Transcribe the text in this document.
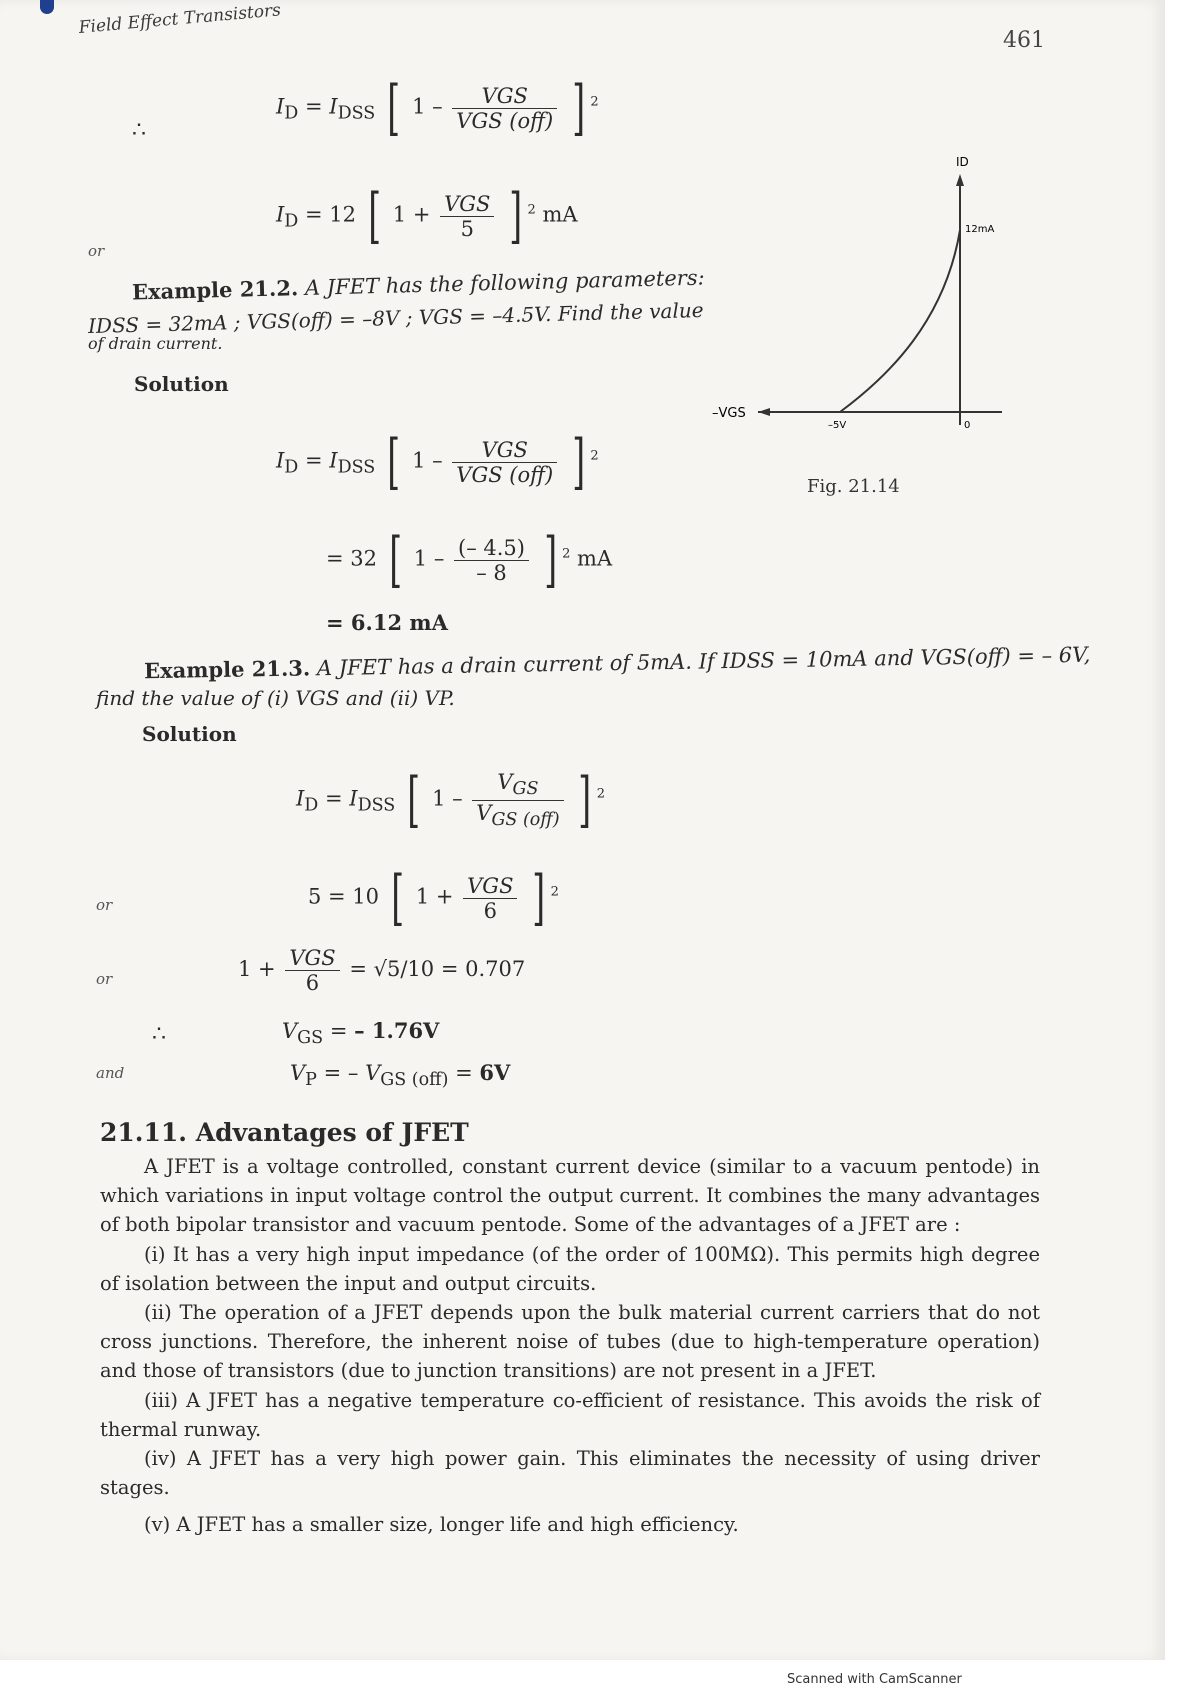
Field Effect Transistors
461
∴
$I_D = I_{DSS}$ [ $1 - \frac{\text{VGS}}{\text{VGS (off)}}$ ] $^2$
or
$I_D = 12$ [ $1 + \frac{\text{VGS}}{5}$ ] $^2$ mA
Example 21.2. A JFET has the following parameters:
IDSS = 32mA ; VGS(off) = –8V ; VGS = –4.5V. Find the value
of drain current.
Solution
$I_D = I_{DSS}$ [ $1 - \frac{\text{VGS}}{\text{VGS (off)}}$ ] $^2$
= 32 [ $1 - \frac{(- 4.5)}{- 8}$ ] $^2$ mA
= 6.12 mA
ID
12mA
–VGS
–5V	0
Fig. 21.14
Example 21.3. A JFET has a drain current of 5mA. If IDSS = 10mA and VGS(off) = – 6V,
find the value of (i) VGS and (ii) VP.
Solution
$I_D = I_{DSS}$ [ $1 - \frac{V_{GS}}{V_{GS (off)}}$ ] $^2$
or	5 = 10 [ $1 + \frac{\text{VGS}}{6}$ ] $^2$
or	$1 + \frac{\text{VGS}}{6} = √5/10 = 0.707$
∴	$V_{GS}$ = – 1.76V
and	$V_P$ = – $V_{GS (off)} = 6V$
21.11. Advantages of JFET
A JFET is a voltage controlled, constant current device (similar to a vacuum pentode) in which variations in input voltage control the output current. It combines the many advantages of both bipolar transistor and vacuum pentode. Some of the advantages of a JFET are :
(i) It has a very high input impedance (of the order of 100MΩ). This permits high degree of isolation between the input and output circuits.
(ii) The operation of a JFET depends upon the bulk material current carriers that do not cross junctions. Therefore, the inherent noise of tubes (due to high-temperature operation) and those of transistors (due to junction transitions) are not present in a JFET.
(iii) A JFET has a negative temperature co-efficient of resistance. This avoids the risk of thermal runway.
(iv) A JFET has a very high power gain. This eliminates the necessity of using driver stages.
(v) A JFET has a smaller size, longer life and high efficiency.
Scanned with CamScanner
